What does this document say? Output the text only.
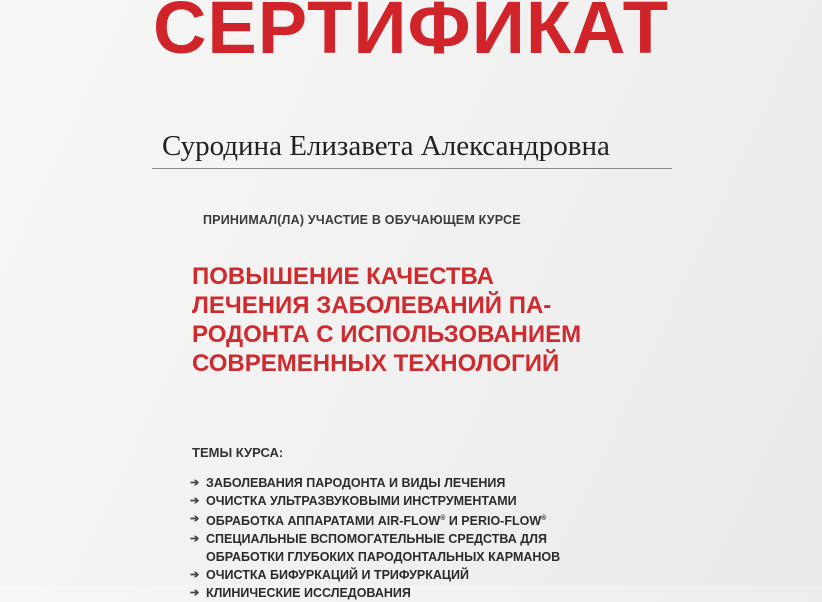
СЕРТИФИКАТ
Суродина Елизавета Александровна
ПРИНИМАЛ(ЛА) УЧАСТИЕ В ОБУЧАЮЩЕМ КУРСЕ
ПОВЫШЕНИЕ КАЧЕСТВА
ЛЕЧЕНИЯ ЗАБОЛЕВАНИЙ ПА-
РОДОНТА С ИСПОЛЬЗОВАНИЕМ
СОВРЕМЕННЫХ ТЕХНОЛОГИЙ
ТЕМЫ КУРСА:
➔ ЗАБОЛЕВАНИЯ ПАРОДОНТА И ВИДЫ ЛЕЧЕНИЯ
➔ ОЧИСТКА УЛЬТРАЗВУКОВЫМИ ИНСТРУМЕНТАМИ
➔ ОБРАБОТКА АППАРАТАМИ AIR-FLOW® И PERIO-FLOW®
➔ СПЕЦИАЛЬНЫЕ ВСПОМОГАТЕЛЬНЫЕ СРЕДСТВА ДЛЯ
ОБРАБОТКИ ГЛУБОКИХ ПАРОДОНТАЛЬНЫХ КАРМАНОВ
➔ ОЧИСТКА БИФУРКАЦИЙ И ТРИФУРКАЦИЙ
➔ КЛИНИЧЕСКИЕ ИССЛЕДОВАНИЯ
